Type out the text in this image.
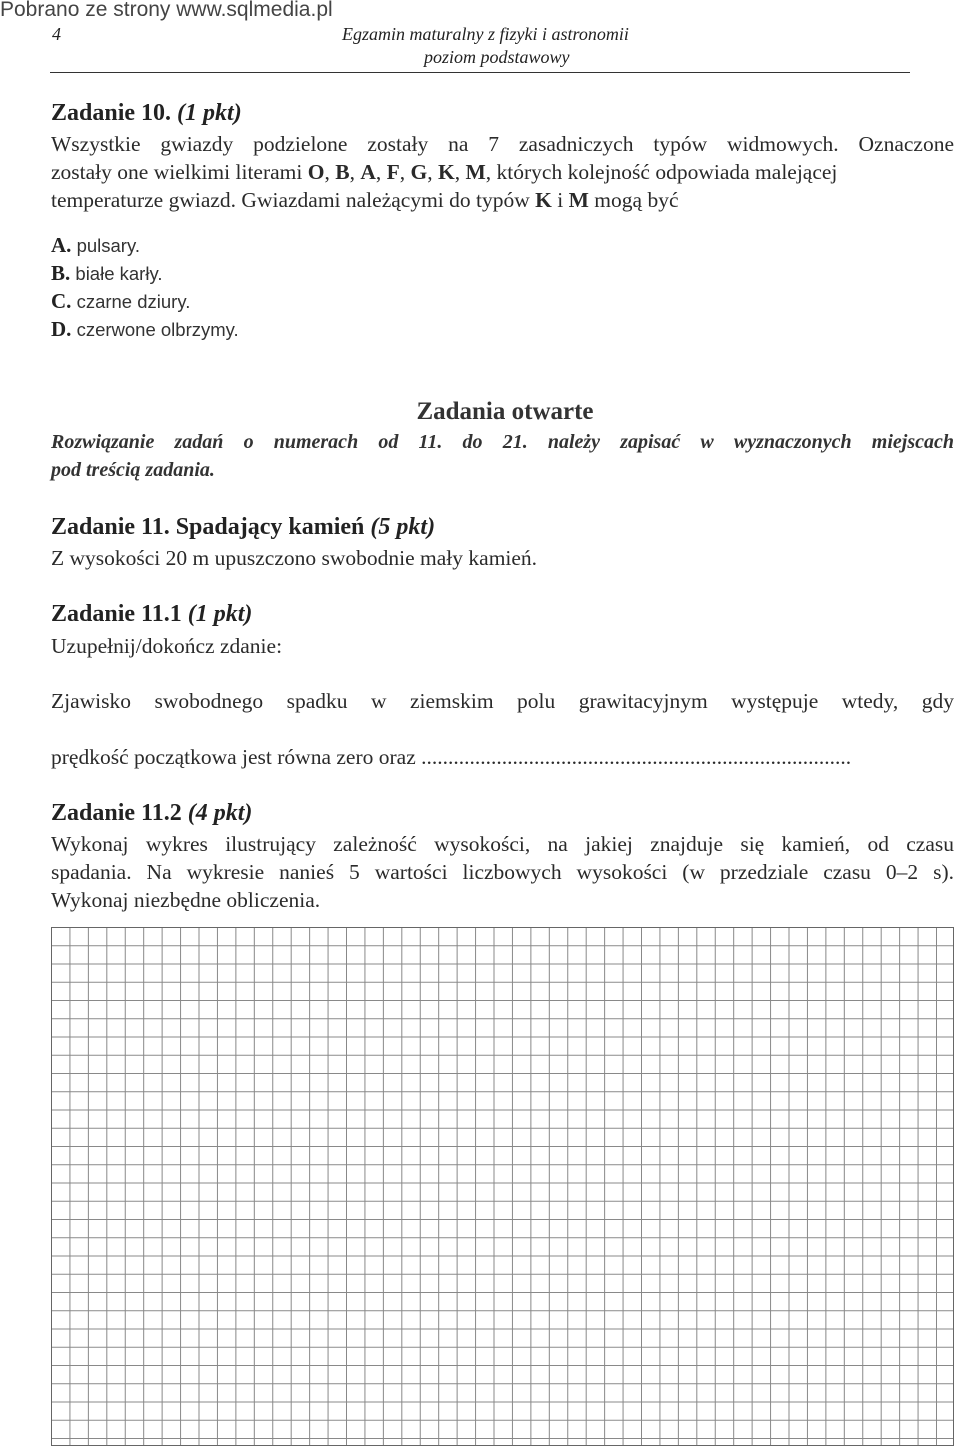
Pobrano ze strony www.sqlmedia.pl
4	Egzamin maturalny z fizyki i astronomii
poziom podstawowy
Zadanie 10. (1 pkt)
Wszystkie gwiazdy podzielone zostały na 7 zasadniczych typów widmowych. Oznaczone
zostały one wielkimi literami O, B, A, F, G, K, M, których kolejność odpowiada malejącej
temperaturze gwiazd. Gwiazdami należącymi do typów K i M mogą być
A. pulsary.
B. białe karły.
C. czarne dziury.
D. czerwone olbrzymy.
Zadania otwarte
Rozwiązanie zadań o numerach od 11. do 21. należy zapisać w wyznaczonych miejscach
pod treścią zadania.
Zadanie 11. Spadający kamień (5 pkt)
Z wysokości 20 m upuszczono swobodnie mały kamień.
Zadanie 11.1 (1 pkt)
Uzupełnij/dokończ zdanie:
Zjawisko swobodnego spadku w ziemskim polu grawitacyjnym występuje wtedy, gdy
prędkość początkowa jest równa zero oraz ................................................................................
Zadanie 11.2 (4 pkt)
Wykonaj wykres ilustrujący zależność wysokości, na jakiej znajduje się kamień, od czasu
spadania. Na wykresie nanieś 5 wartości liczbowych wysokości (w przedziale czasu 0–2 s).
Wykonaj niezbędne obliczenia.
